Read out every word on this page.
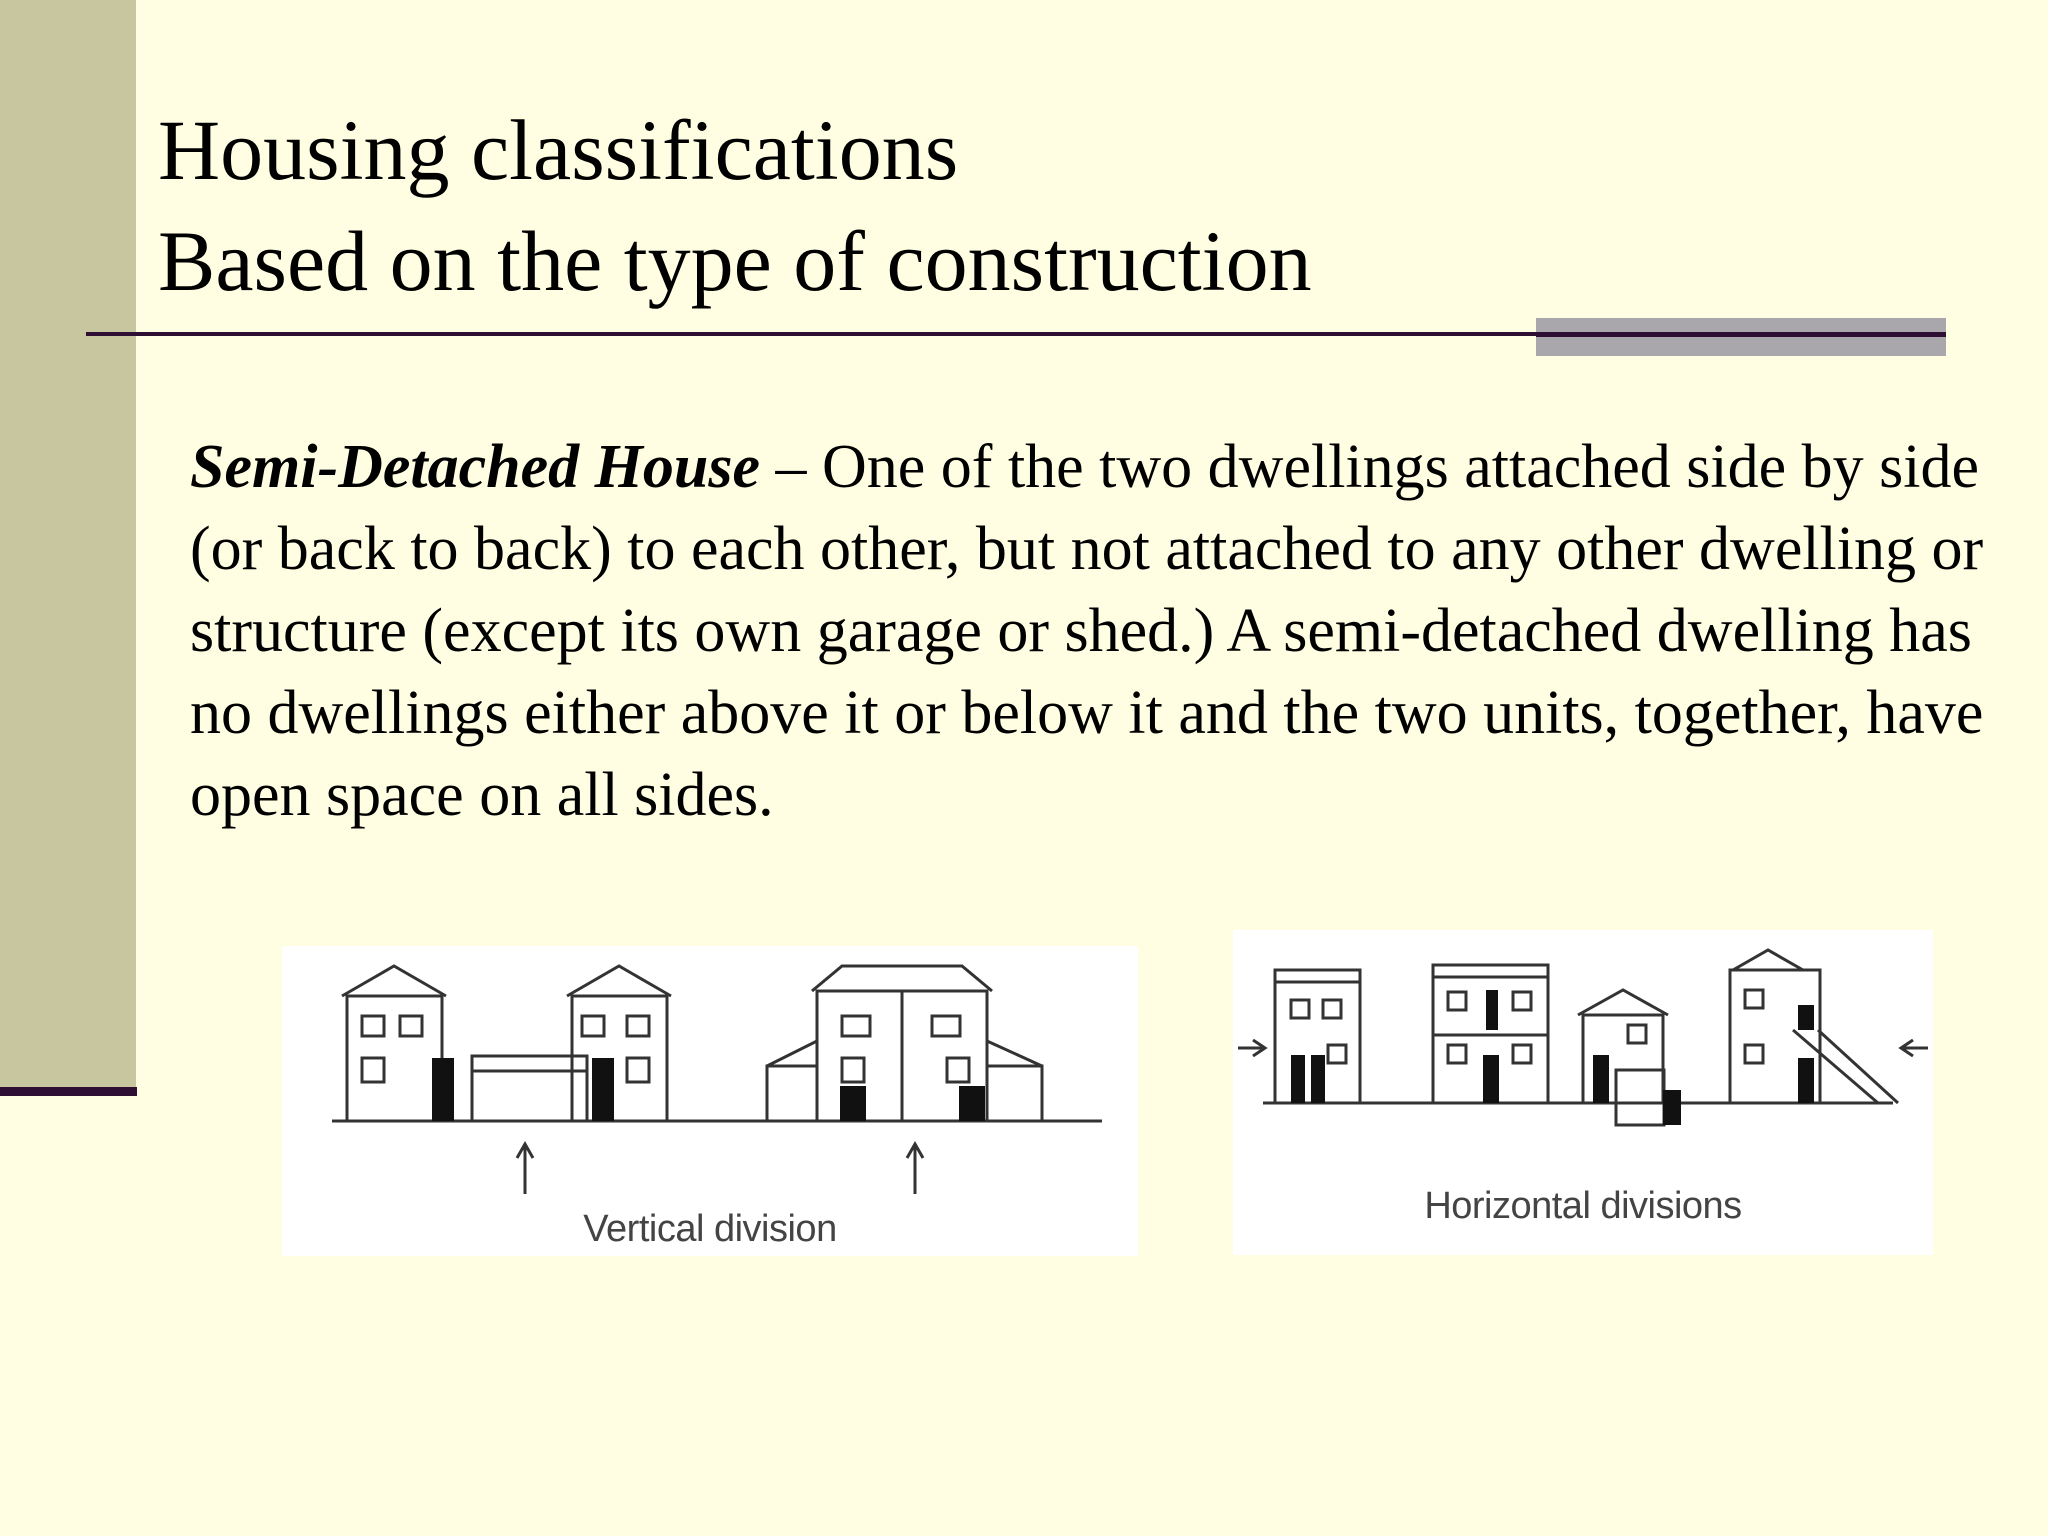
Housing classifications
Based on the type of construction

Semi-Detached House – One of the two dwellings attached side by side (or back to back) to each other, but not attached to any other dwelling or structure (except its own garage or shed.) A semi-detached dwelling has no dwellings either above it or below it and the two units, together, have open space on all sides.

Vertical division
Horizontal divisions
